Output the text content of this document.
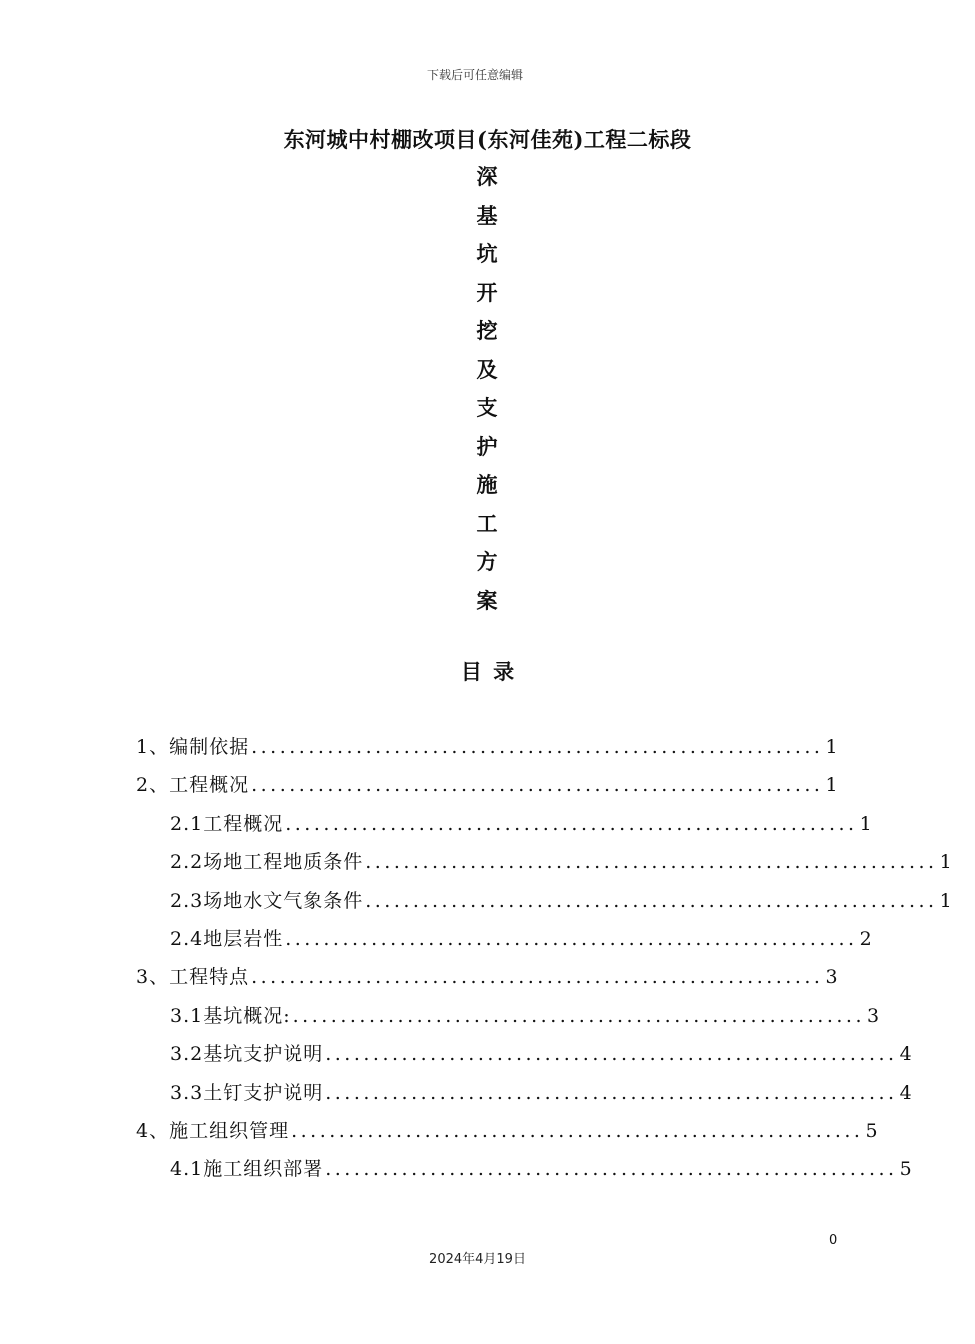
下载后可任意编辑
东河城中村棚改项目(东河佳苑)工程二标段
深
基
坑
开
挖
及
支
护
施
工
方
案
目 录
1、编制依据 ............................................................ 1
2、工程概况 ............................................................ 1
2.1工程概况 ............................................................ 1
2.2场地工程地质条件 ............................................................ 1
2.3场地水文气象条件 ............................................................ 1
2.4地层岩性 ............................................................ 2
3、工程特点 ............................................................ 3
3.1基坑概况: ............................................................ 3
3.2基坑支护说明 ............................................................ 4
3.3土钉支护说明 ............................................................ 4
4、施工组织管理 ............................................................ 5
4.1施工组织部署 ............................................................ 5
0
2024年4月19日
